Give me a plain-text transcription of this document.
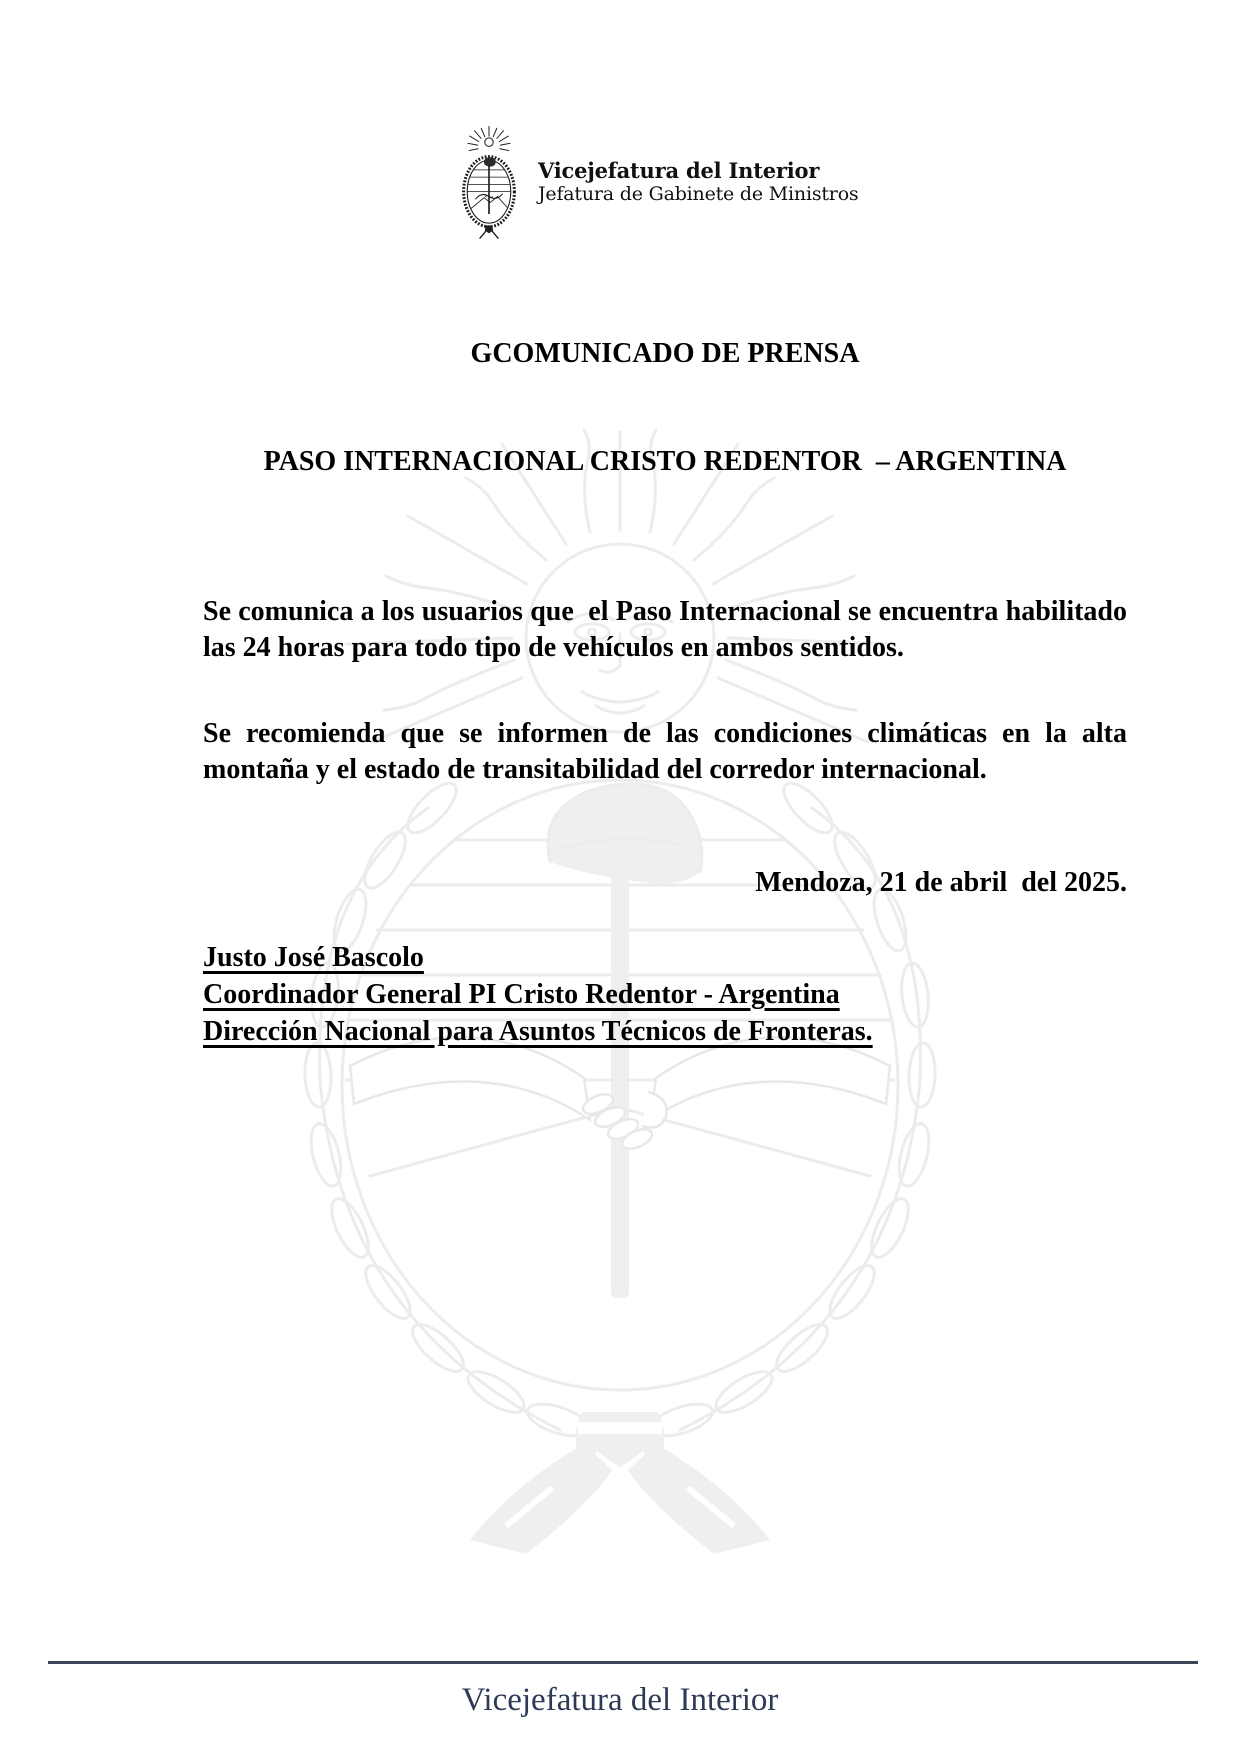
Vicejefatura del Interior
Jefatura de Gabinete de Ministros

GCOMUNICADO DE PRENSA

PASO INTERNACIONAL CRISTO REDENTOR  – ARGENTINA

Se comunica a los usuarios que  el Paso Internacional se encuentra habilitado las 24 horas para todo tipo de vehículos en ambos sentidos.

Se recomienda que se informen de las condiciones climáticas en la alta montaña y el estado de transitabilidad del corredor internacional.

Mendoza, 21 de abril  del 2025.
Justo José Bascolo
Coordinador General PI Cristo Redentor - Argentina
Dirección Nacional para Asuntos Técnicos de Fronteras.
Vicejefatura del Interior
